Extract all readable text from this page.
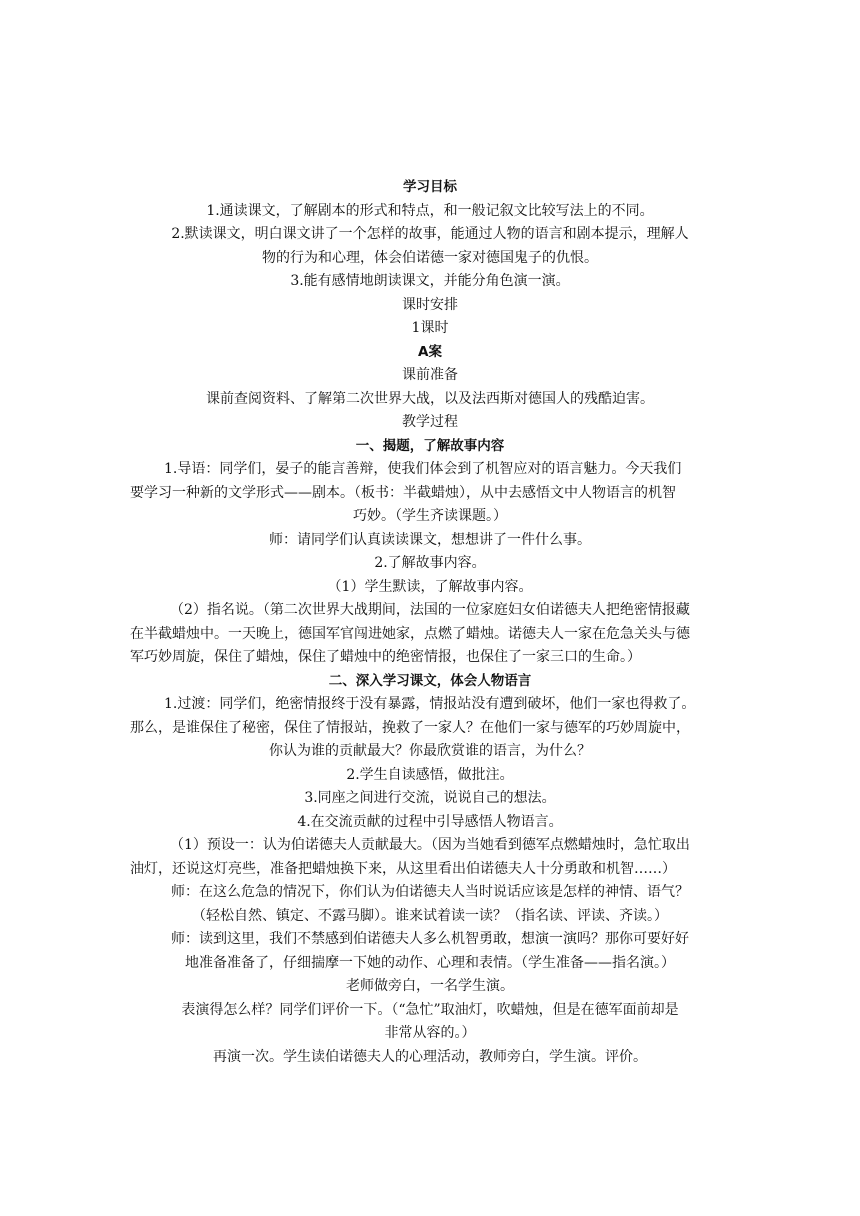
学习目标
1.通读课文，了解剧本的形式和特点，和一般记叙文比较写法上的不同。
2.默读课文，明白课文讲了一个怎样的故事，能通过人物的语言和剧本提示，理解人
物的行为和心理，体会伯诺德一家对德国鬼子的仇恨。
3.能有感情地朗读课文，并能分角色演一演。
课时安排
1课时
A案
课前准备
课前查阅资料、了解第二次世界大战，以及法西斯对德国人的残酷迫害。
教学过程
一、揭题，了解故事内容
1.导语：同学们，晏子的能言善辩，使我们体会到了机智应对的语言魅力。今天我们
要学习一种新的文学形式——剧本。（板书：半截蜡烛），从中去感悟文中人物语言的机智
巧妙。（学生齐读课题。）
师：请同学们认真读读课文，想想讲了一件什么事。
2.了解故事内容。
（1）学生默读，了解故事内容。
（2）指名说。（第二次世界大战期间，法国的一位家庭妇女伯诺德夫人把绝密情报藏
在半截蜡烛中。一天晚上，德国军官闯进她家，点燃了蜡烛。诺德夫人一家在危急关头与德
军巧妙周旋，保住了蜡烛，保住了蜡烛中的绝密情报，也保住了一家三口的生命。）
二、深入学习课文，体会人物语言
1.过渡：同学们，绝密情报终于没有暴露，情报站没有遭到破坏，他们一家也得救了。
那么，是谁保住了秘密，保住了情报站，挽救了一家人？在他们一家与德军的巧妙周旋中，
你认为谁的贡献最大？你最欣赏谁的语言，为什么？
2.学生自读感悟，做批注。
3.同座之间进行交流，说说自己的想法。
4.在交流贡献的过程中引导感悟人物语言。
（1）预设一：认为伯诺德夫人贡献最大。（因为当她看到德军点燃蜡烛时，急忙取出
油灯，还说这灯亮些，准备把蜡烛换下来，从这里看出伯诺德夫人十分勇敢和机智……）
师：在这么危急的情况下，你们认为伯诺德夫人当时说话应该是怎样的神情、语气？
（轻松自然、镇定、不露马脚）。谁来试着读一读？（指名读、评读、齐读。）
师：读到这里，我们不禁感到伯诺德夫人多么机智勇敢，想演一演吗？那你可要好好
地准备准备了，仔细揣摩一下她的动作、心理和表情。（学生准备——指名演。）
老师做旁白，一名学生演。
表演得怎么样？同学们评价一下。（“急忙”取油灯，吹蜡烛，但是在德军面前却是
非常从容的。）
再演一次。学生读伯诺德夫人的心理活动，教师旁白，学生演。评价。
